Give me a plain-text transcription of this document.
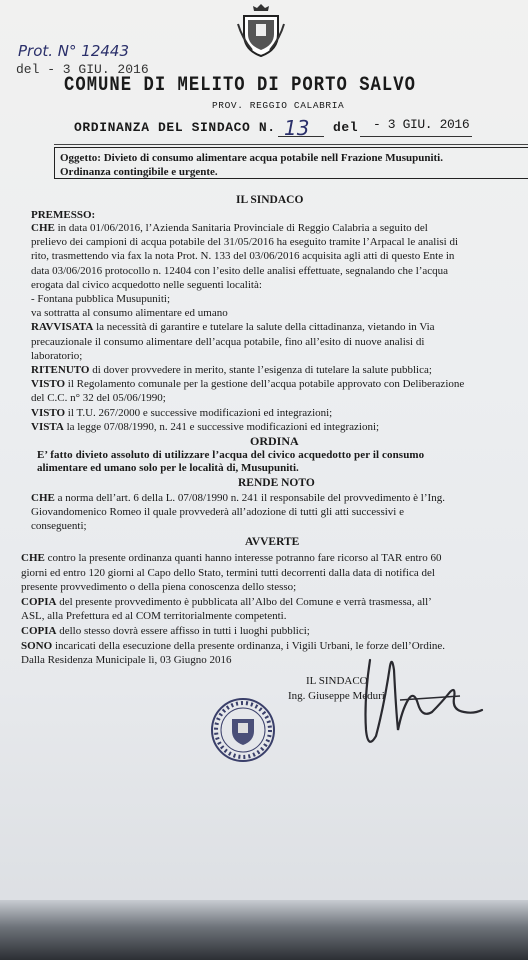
Prot. N° 12443
del - 3 GIU. 2016
COMUNE DI MELITO DI PORTO SALVO
PROV. REGGIO CALABRIA
ORDINANZA DEL SINDACO N. 13 del - 3 GIU. 2016
Oggetto: Divieto di consumo alimentare acqua potabile nell Frazione Musupuniti.
Ordinanza contingibile e urgente.
IL SINDACO
PREMESSO:
CHE in data 01/06/2016, l’Azienda Sanitaria Provinciale di Reggio Calabria a seguito del
prelievo dei campioni di acqua potabile del 31/05/2016 ha eseguito tramite l’Arpacal le analisi di
rito, trasmettendo via fax la nota Prot. N. 133 del 03/06/2016 acquisita agli atti di questo Ente in
data 03/06/2016 protocollo n. 12404 con l’esito delle analisi effettuate, segnalando che l’acqua
erogata dal civico acquedotto nelle seguenti località:
- Fontana pubblica Musupuniti;
va sottratta al consumo alimentare ed umano
RAVVISATA la necessità di garantire e tutelare la salute della cittadinanza, vietando in Via
precauzionale il consumo alimentare dell’acqua potabile, fino all’esito di nuove analisi di
laboratorio;
RITENUTO di dover provvedere in merito, stante l’esigenza di tutelare la salute pubblica;
VISTO il Regolamento comunale per la gestione dell’acqua potabile approvato con Deliberazione
del C.C. n° 32 del 05/06/1990;
VISTO il T.U. 267/2000 e successive modificazioni ed integrazioni;
VISTA la legge 07/08/1990, n. 241 e successive modificazioni ed integrazioni;
ORDINA
E’ fatto divieto assoluto di utilizzare l’acqua del civico acquedotto per il consumo
alimentare ed umano solo per le località di, Musupuniti.
RENDE NOTO
CHE a norma dell’art. 6 della L. 07/08/1990 n. 241 il responsabile del provvedimento è l’Ing.
Giovandomenico Romeo il quale provvederà all’adozione di tutti gli atti successivi e
conseguenti;
AVVERTE
CHE contro la presente ordinanza quanti hanno interesse potranno fare ricorso al TAR entro 60
giorni ed entro 120 giorni al Capo dello Stato, termini tutti decorrenti dalla data di notifica del
presente provvedimento o della piena conoscenza dello stesso;
COPIA del presente provvedimento è pubblicata all’Albo del Comune e verrà trasmessa, all’
ASL, alla Prefettura ed al COM territorialmente competenti.
COPIA dello stesso dovrà essere affisso in tutti i luoghi pubblici;
SONO incaricati della esecuzione della presente ordinanza, i Vigili Urbani, le forze dell’Ordine.
Dalla Residenza Municipale lì, 03 Giugno 2016
IL SINDACO
Ing. Giuseppe Meduri
